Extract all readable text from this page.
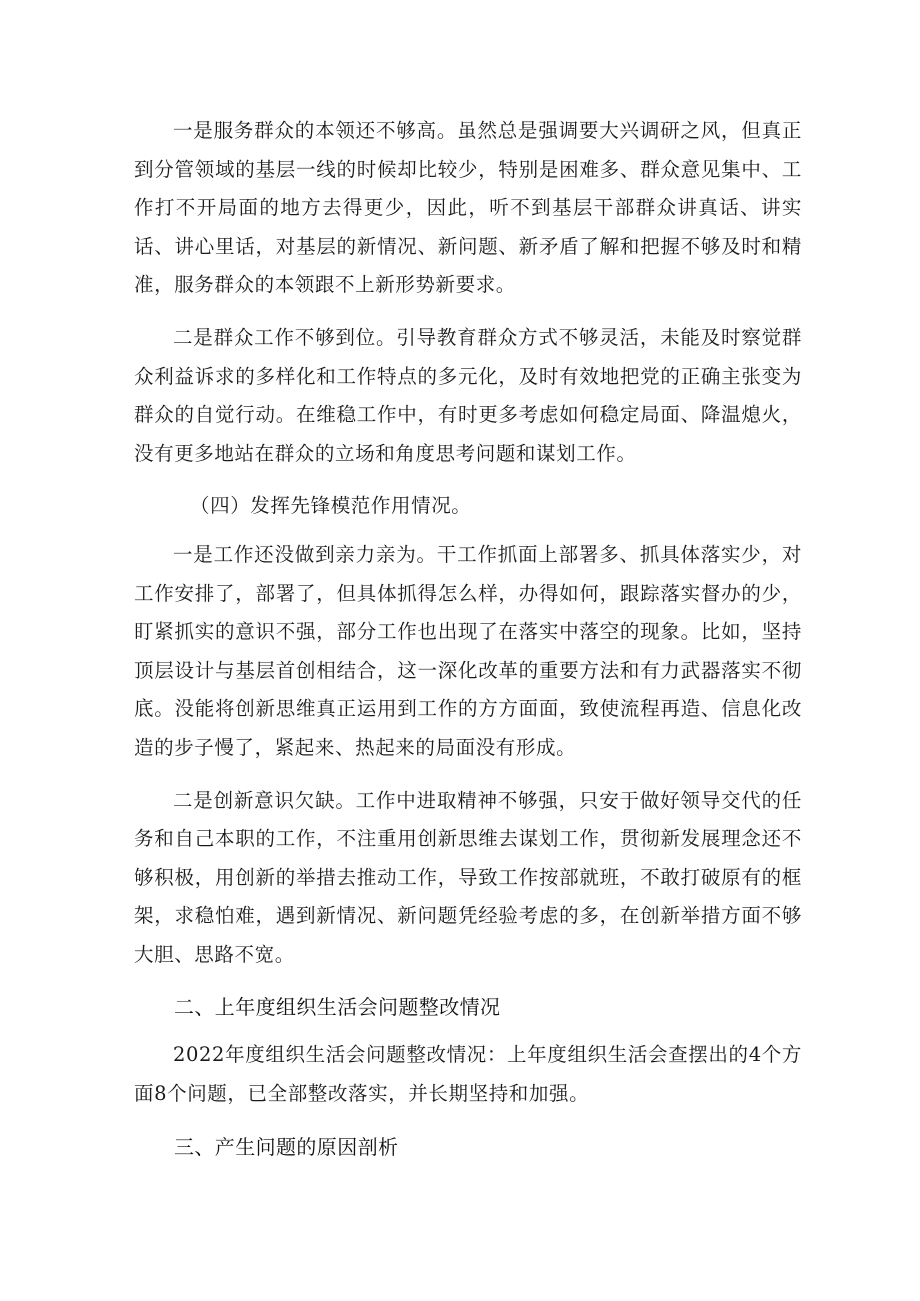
一是服务群众的本领还不够高。虽然总是强调要大兴调研之风，但真正到分管领域的基层一线的时候却比较少，特别是困难多、群众意见集中、工作打不开局面的地方去得更少，因此，听不到基层干部群众讲真话、讲实话、讲心里话，对基层的新情况、新问题、新矛盾了解和把握不够及时和精准，服务群众的本领跟不上新形势新要求。

二是群众工作不够到位。引导教育群众方式不够灵活，未能及时察觉群众利益诉求的多样化和工作特点的多元化，及时有效地把党的正确主张变为群众的自觉行动。在维稳工作中，有时更多考虑如何稳定局面、降温熄火，没有更多地站在群众的立场和角度思考问题和谋划工作。

（四）发挥先锋模范作用情况。

一是工作还没做到亲力亲为。干工作抓面上部署多、抓具体落实少，对工作安排了，部署了，但具体抓得怎么样，办得如何，跟踪落实督办的少，盯紧抓实的意识不强，部分工作也出现了在落实中落空的现象。比如，坚持顶层设计与基层首创相结合，这一深化改革的重要方法和有力武器落实不彻底。没能将创新思维真正运用到工作的方方面面，致使流程再造、信息化改造的步子慢了，紧起来、热起来的局面没有形成。

二是创新意识欠缺。工作中进取精神不够强，只安于做好领导交代的任务和自己本职的工作，不注重用创新思维去谋划工作，贯彻新发展理念还不够积极，用创新的举措去推动工作，导致工作按部就班，不敢打破原有的框架，求稳怕难，遇到新情况、新问题凭经验考虑的多，在创新举措方面不够大胆、思路不宽。

二、上年度组织生活会问题整改情况

2022年度组织生活会问题整改情况：上年度组织生活会查摆出的4个方面8个问题，已全部整改落实，并长期坚持和加强。

三、产生问题的原因剖析
